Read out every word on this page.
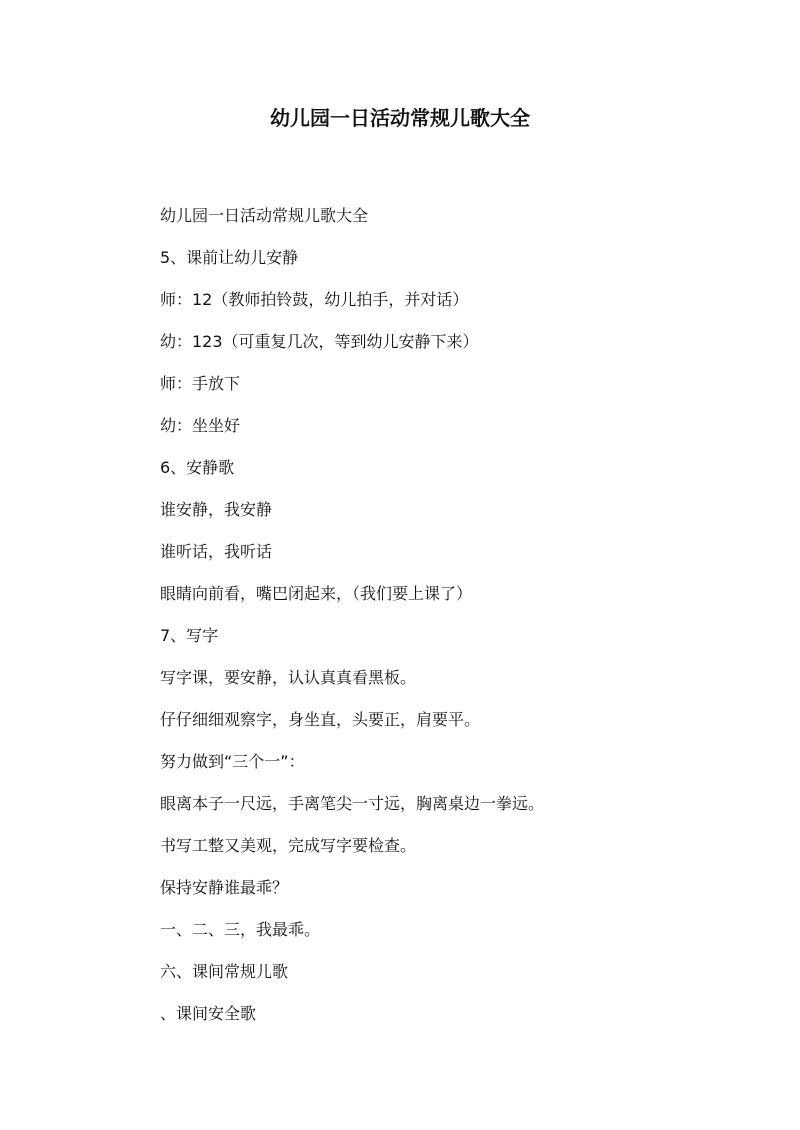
幼儿园一日活动常规儿歌大全
幼儿园一日活动常规儿歌大全
5、课前让幼儿安静
师：12（教师拍铃鼓，幼儿拍手，并对话）
幼：123（可重复几次，等到幼儿安静下来）
师：手放下
幼：坐坐好
6、安静歌
谁安静，我安静
谁听话，我听话
眼睛向前看，嘴巴闭起来，（我们要上课了）
7、写字
写字课，要安静，认认真真看黑板。
仔仔细细观察字，身坐直，头要正，肩要平。
努力做到“三个一”：
眼离本子一尺远，手离笔尖一寸远，胸离桌边一拳远。
书写工整又美观，完成写字要检查。
保持安静谁最乖？
一、二、三，我最乖。
六、课间常规儿歌
、课间安全歌
